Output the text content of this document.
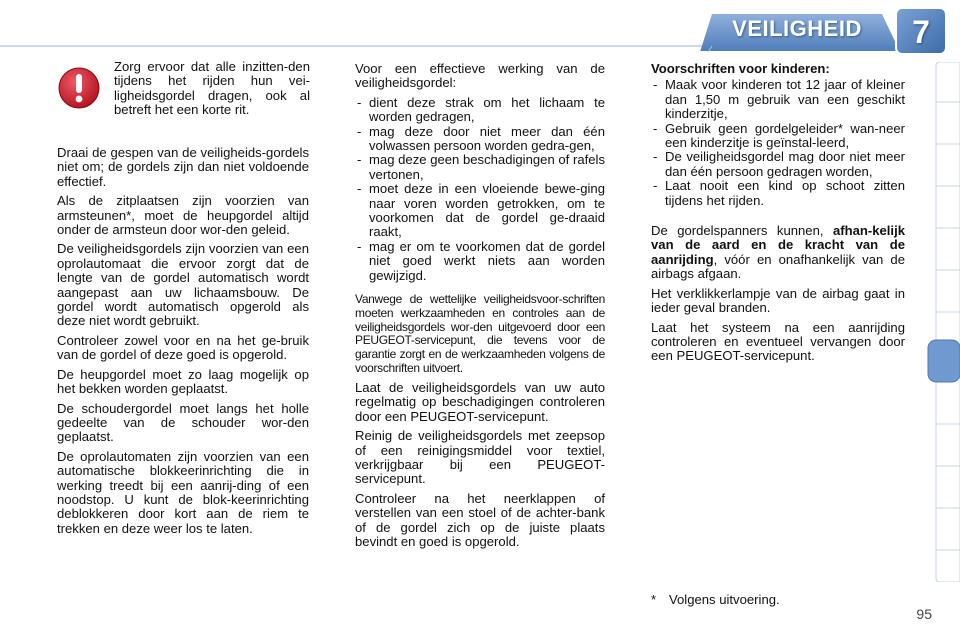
VEILIGHEID	7
Zorg ervoor dat alle inzitten-den tijdens het rijden hun vei-ligheidsgordel dragen, ook al betreft het een korte rit.

Draai de gespen van de veiligheids-gordels niet om; de gordels zijn dan niet voldoende effectief.

Als de zitplaatsen zijn voorzien van armsteunen*, moet de heupgordel altijd onder de armsteun door wor-den geleid.

De veiligheidsgordels zijn voorzien van een oprolautomaat die ervoor zorgt dat de lengte van de gordel automatisch wordt aangepast aan uw lichaamsbouw. De gordel wordt automatisch opgerold als deze niet wordt gebruikt.

Controleer zowel voor en na het ge-bruik van de gordel of deze goed is opgerold.

De heupgordel moet zo laag mogelijk op het bekken worden geplaatst.

De schoudergordel moet langs het holle gedeelte van de schouder wor-den geplaatst.

De oprolautomaten zijn voorzien van een automatische blokkeerinrichting die in werking treedt bij een aanrij-ding of een noodstop. U kunt de blok-keerinrichting deblokkeren door kort aan de riem te trekken en deze weer los te laten.

Voor een effectieve werking van de veiligheidsgordel:

- dient deze strak om het lichaam te worden gedragen,
- mag deze door niet meer dan één volwassen persoon worden gedra-gen,
- mag deze geen beschadigingen of rafels vertonen,
- moet deze in een vloeiende bewe-ging naar voren worden getrokken, om te voorkomen dat de gordel ge-draaid raakt,
- mag er om te voorkomen dat de gordel niet goed werkt niets aan worden gewijzigd.

Vanwege de wettelijke veiligheidsvoor-schriften moeten werkzaamheden en controles aan de veiligheidsgordels wor-den uitgevoerd door een PEUGEOT-servicepunt, die tevens voor de garantie zorgt en de werkzaamheden volgens de voorschriften uitvoert.

Laat de veiligheidsgordels van uw auto regelmatig op beschadigingen controleren door een PEUGEOT-servicepunt.

Reinig de veiligheidsgordels met zeepsop of een reinigingsmiddel voor textiel, verkrijgbaar bij een PEUGEOT-servicepunt.

Controleer na het neerklappen of verstellen van een stoel of de achter-bank of de gordel zich op de juiste plaats bevindt en goed is opgerold.

Voorschriften voor kinderen:

- Maak voor kinderen tot 12 jaar of kleiner dan 1,50 m gebruik van een geschikt kinderzitje,
- Gebruik geen gordelgeleider* wan-neer een kinderzitje is geïnstal-leerd,
- De veiligheidsgordel mag door niet meer dan één persoon gedragen worden,
- Laat nooit een kind op schoot zitten tijdens het rijden.

De gordelspanners kunnen, afhan-kelijk van de aard en de kracht van de aanrijding, vóór en onafhankelijk van de airbags afgaan.

Het verklikkerlampje van de airbag gaat in ieder geval branden.

Laat het systeem na een aanrijding controleren en eventueel vervangen door een PEUGEOT-servicepunt.

* Volgens uitvoering.
95
